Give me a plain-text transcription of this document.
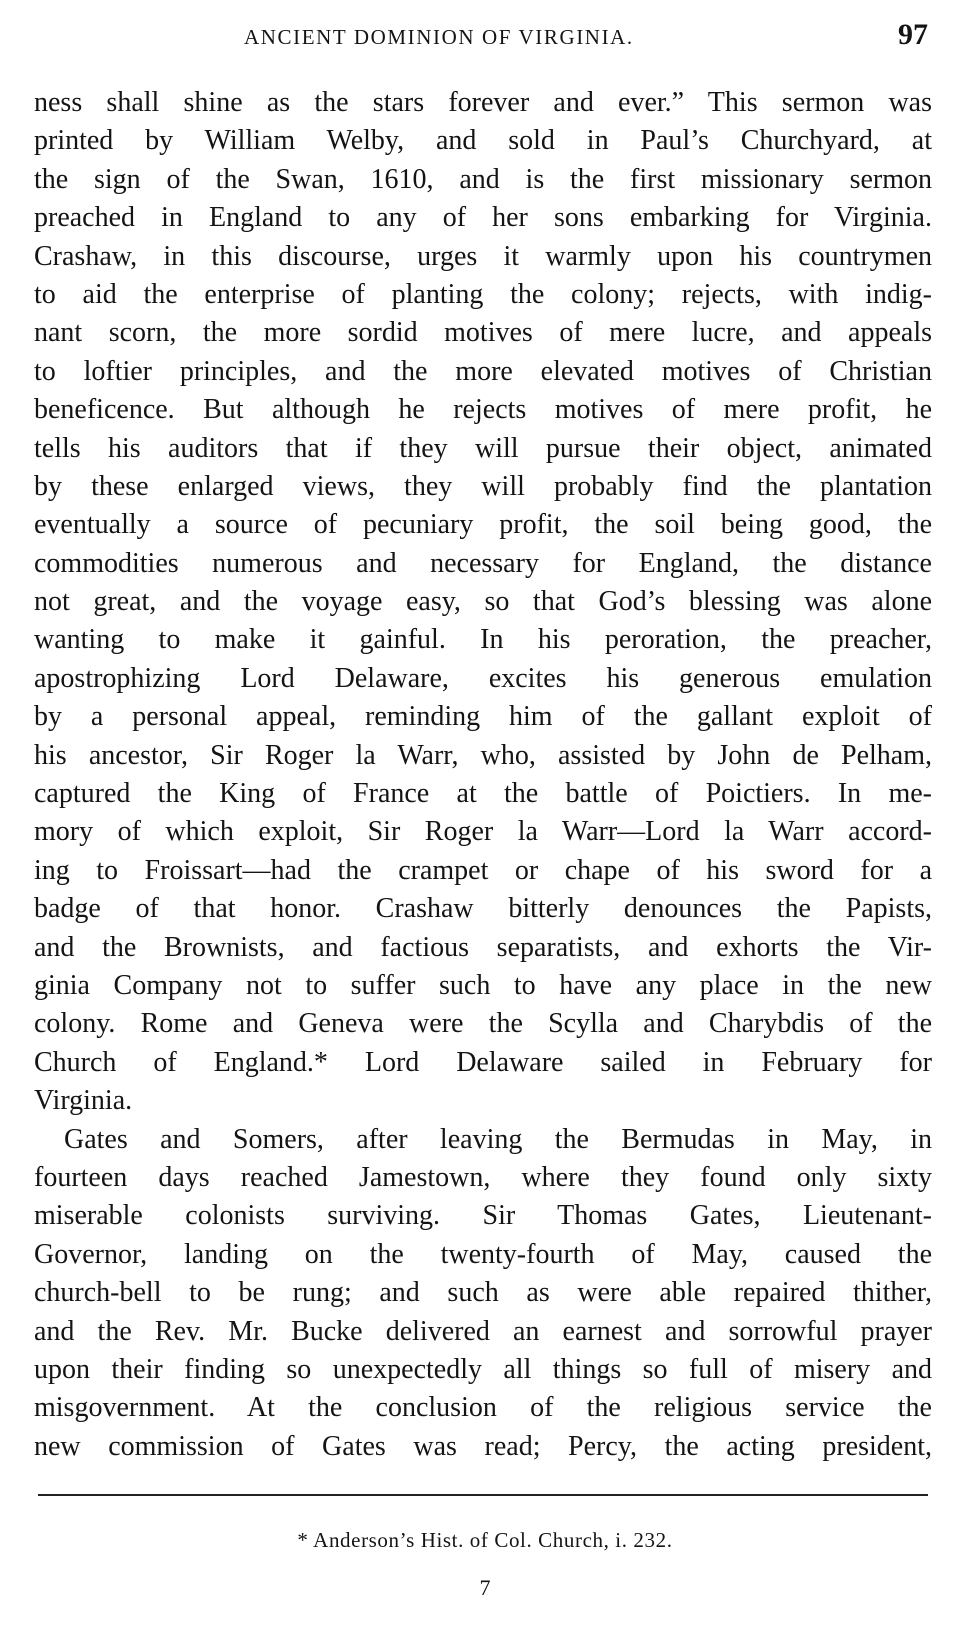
ANCIENT DOMINION OF VIRGINIA.	97
ness shall shine as the stars forever and ever.” This sermon was
printed by William Welby, and sold in Paul’s Churchyard, at
the sign of the Swan, 1610, and is the first missionary sermon
preached in England to any of her sons embarking for Virginia.
Crashaw, in this discourse, urges it warmly upon his countrymen
to aid the enterprise of planting the colony; rejects, with indig-
nant scorn, the more sordid motives of mere lucre, and appeals
to loftier principles, and the more elevated motives of Christian
beneficence. But although he rejects motives of mere profit, he
tells his auditors that if they will pursue their object, animated
by these enlarged views, they will probably find the plantation
eventually a source of pecuniary profit, the soil being good, the
commodities numerous and necessary for England, the distance
not great, and the voyage easy, so that God’s blessing was alone
wanting to make it gainful. In his peroration, the preacher,
apostrophizing Lord Delaware, excites his generous emulation
by a personal appeal, reminding him of the gallant exploit of
his ancestor, Sir Roger la Warr, who, assisted by John de Pelham,
captured the King of France at the battle of Poictiers. In me-
mory of which exploit, Sir Roger la Warr—Lord la Warr accord-
ing to Froissart—had the crampet or chape of his sword for a
badge of that honor. Crashaw bitterly denounces the Papists,
and the Brownists, and factious separatists, and exhorts the Vir-
ginia Company not to suffer such to have any place in the new
colony. Rome and Geneva were the Scylla and Charybdis of the
Church of England.* Lord Delaware sailed in February for
Virginia.
Gates and Somers, after leaving the Bermudas in May, in
fourteen days reached Jamestown, where they found only sixty
miserable colonists surviving. Sir Thomas Gates, Lieutenant-
Governor, landing on the twenty-fourth of May, caused the
church-bell to be rung; and such as were able repaired thither,
and the Rev. Mr. Bucke delivered an earnest and sorrowful prayer
upon their finding so unexpectedly all things so full of misery and
misgovernment. At the conclusion of the religious service the
new commission of Gates was read; Percy, the acting president,
* Anderson’s Hist. of Col. Church, i. 232.
7
